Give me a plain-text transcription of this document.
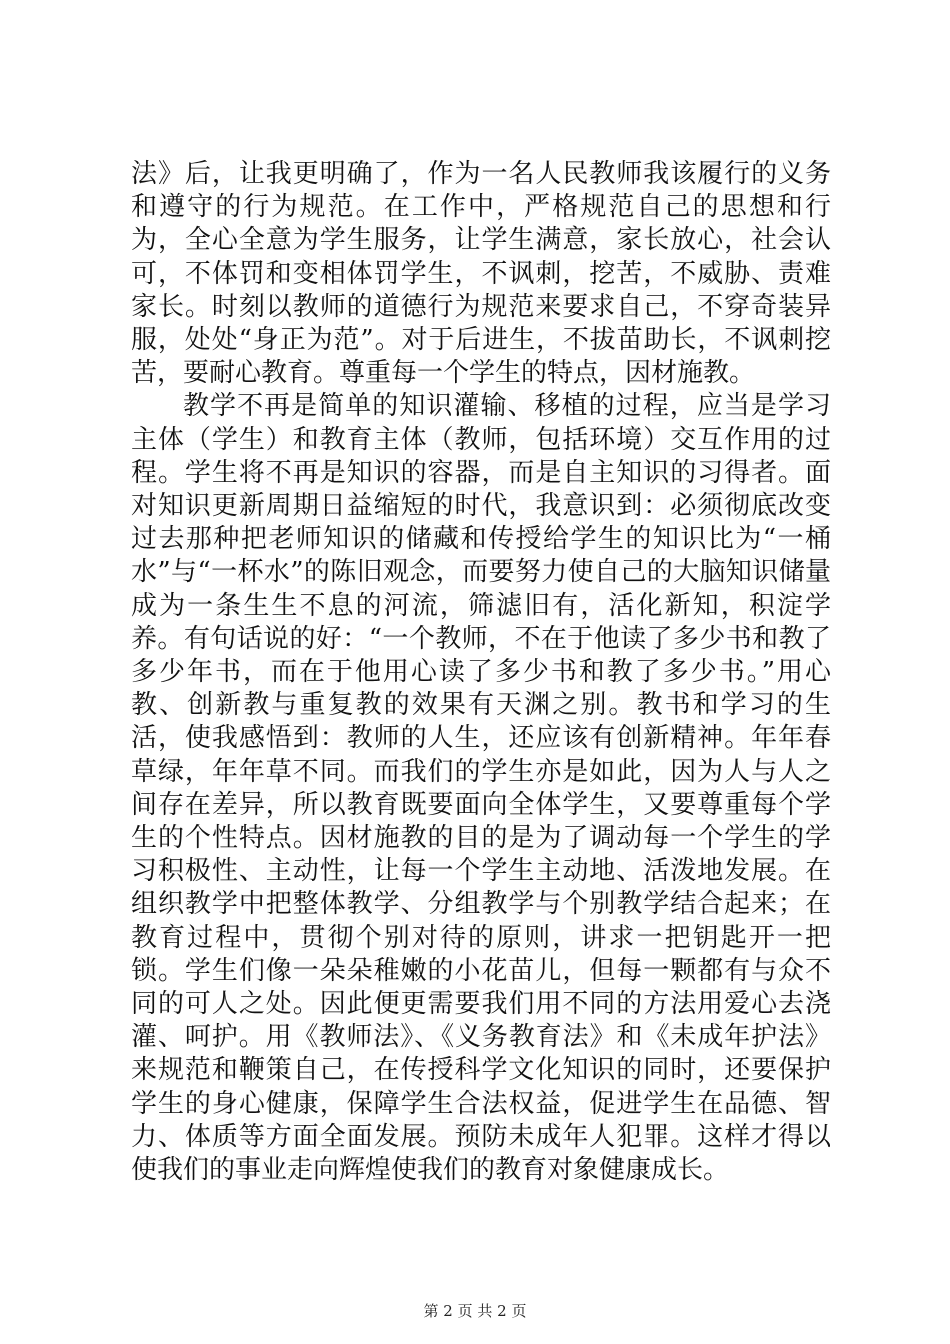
法》后，让我更明确了，作为一名人民教师我该履行的义务和遵守的行为规范。在工作中，严格规范自己的思想和行为，全心全意为学生服务，让学生满意，家长放心，社会认可，不体罚和变相体罚学生，不讽刺，挖苦，不威胁、责难家长。时刻以教师的道德行为规范来要求自己，不穿奇装异服，处处“身正为范”。对于后进生，不拔苗助长，不讽刺挖苦，要耐心教育。尊重每一个学生的特点，因材施教。

教学不再是简单的知识灌输、移植的过程，应当是学习主体（学生）和教育主体（教师，包括环境）交互作用的过程。学生将不再是知识的容器，而是自主知识的习得者。面对知识更新周期日益缩短的时代，我意识到：必须彻底改变过去那种把老师知识的储藏和传授给学生的知识比为“一桶水”与“一杯水”的陈旧观念，而要努力使自己的大脑知识储量成为一条生生不息的河流，筛滤旧有，活化新知，积淀学养。有句话说的好：“一个教师，不在于他读了多少书和教了多少年书，而在于他用心读了多少书和教了多少书。”用心教、创新教与重复教的效果有天渊之别。教书和学习的生活，使我感悟到：教师的人生，还应该有创新精神。年年春草绿，年年草不同。而我们的学生亦是如此，因为人与人之间存在差异，所以教育既要面向全体学生，又要尊重每个学生的个性特点。因材施教的目的是为了调动每一个学生的学习积极性、主动性，让每一个学生主动地、活泼地发展。在组织教学中把整体教学、分组教学与个别教学结合起来；在教育过程中，贯彻个别对待的原则，讲求一把钥匙开一把锁。学生们像一朵朵稚嫩的小花苗儿，但每一颗都有与众不同的可人之处。因此便更需要我们用不同的方法用爱心去浇灌、呵护。用《教师法》、《义务教育法》和《未成年护法》来规范和鞭策自己，在传授科学文化知识的同时，还要保护学生的身心健康，保障学生合法权益，促进学生在品德、智力、体质等方面全面发展。预防未成年人犯罪。这样才得以使我们的事业走向辉煌使我们的教育对象健康成长。

第 2 页 共 2 页
